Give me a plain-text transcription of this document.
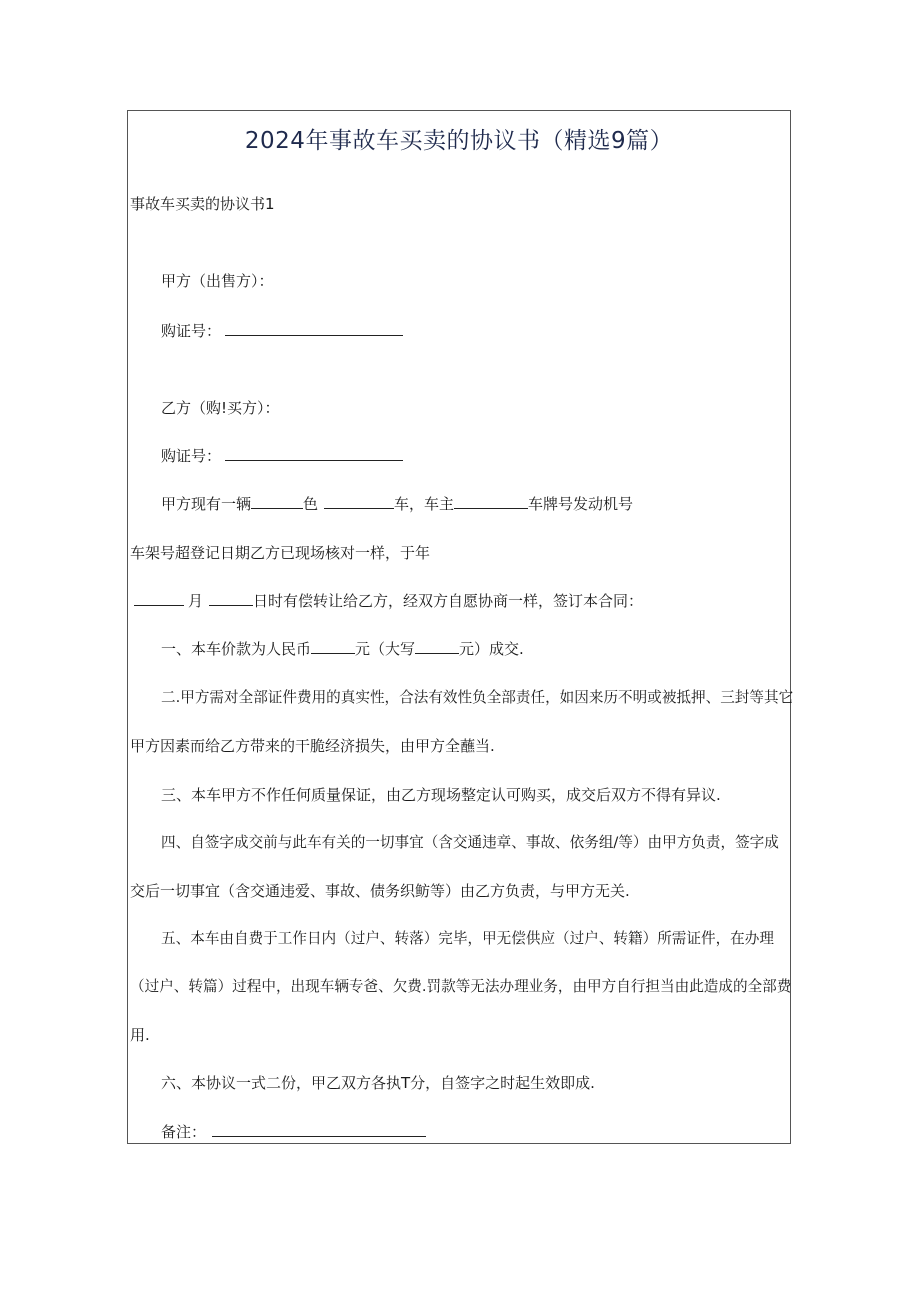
2024年事故车买卖的协议书（精选9篇）
事故车买卖的协议书1
甲方（出售方）：
购证号：
乙方（购!买方）：
购证号：
甲方现有一辆	色	车，车主	车牌号发动机号
车架号超登记日期乙方已现场核对一样，于年
月	日时有偿转让给乙方，经双方自愿协商一样，签订本合同：
一、本车价款为人民币	元（大写	元）成交.
二.甲方需对全部证件费用的真实性，合法有效性负全部责任，如因来历不明或被抵押、三封等其它
甲方因素而给乙方带来的干脆经济损失，由甲方全蘸当.
三、本车甲方不作任何质量保证，由乙方现场整定认可购买，成交后双方不得有异议.
四、自签字成交前与此车有关的一切事宜（含交通违章、事故、依务组/等）由甲方负责，签字成
交后一切事宜（含交通违爱、事故、债务织鲂等）由乙方负责，与甲方无关.
五、本车由自费于工作日内（过户、转落）完毕，甲无偿供应（过户、转籍）所需证件，在办理
（过户、转篇）过程中，出现车辆专爸、欠费.罚款等无法办理业务，由甲方自行担当由此造成的全部费
用.
六、本协议一式二份，甲乙双方各执T分，自签字之时起生效即成.
备注：
